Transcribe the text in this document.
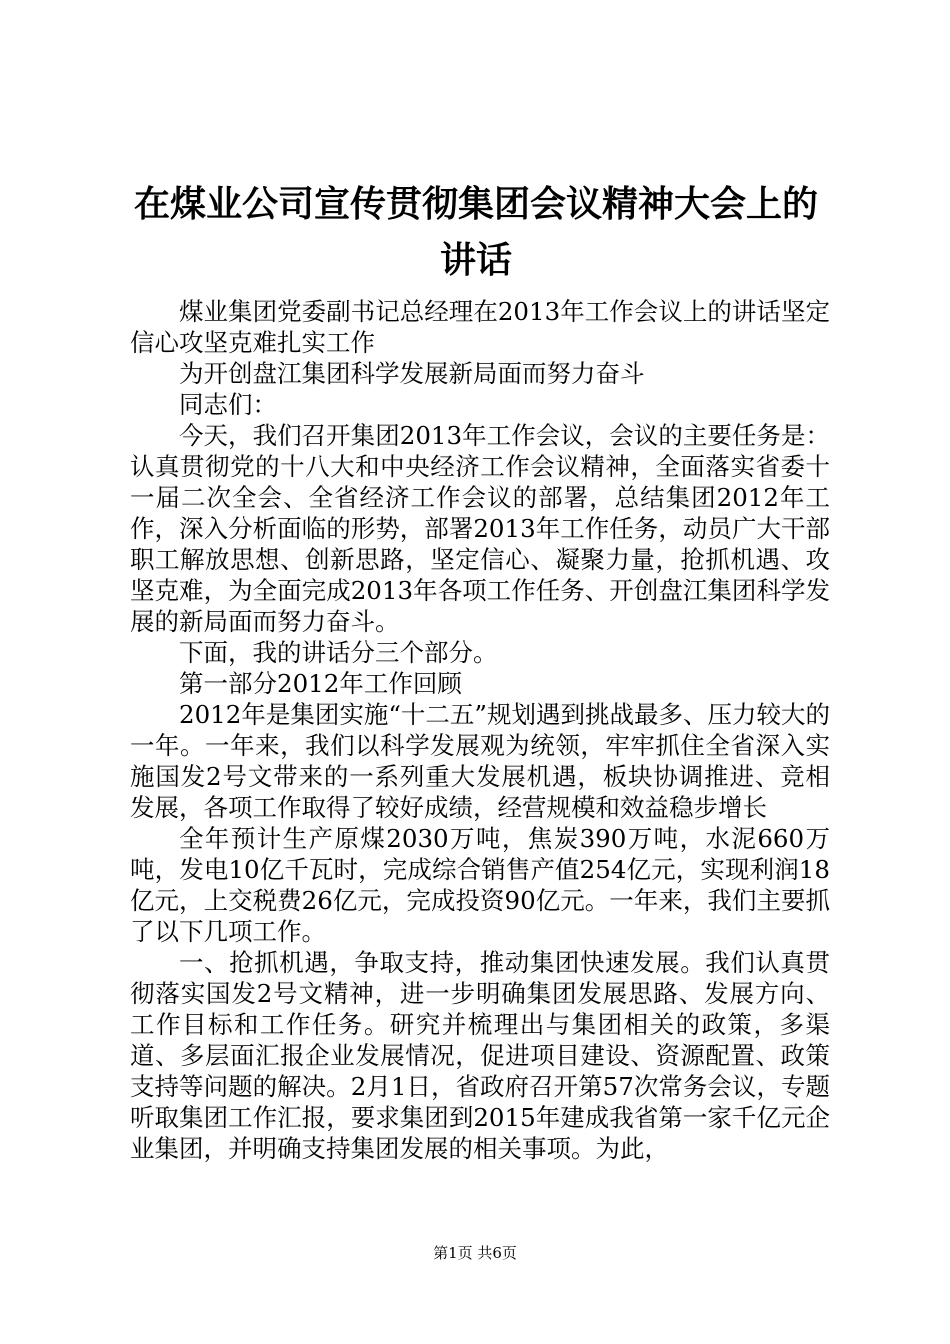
在煤业公司宣传贯彻集团会议精神大会上的讲话

煤业集团党委副书记总经理在2013年工作会议上的讲话坚定信心攻坚克难扎实工作

为开创盘江集团科学发展新局面而努力奋斗

同志们：

今天，我们召开集团2013年工作会议，会议的主要任务是：认真贯彻党的十八大和中央经济工作会议精神，全面落实省委十一届二次全会、全省经济工作会议的部署，总结集团2012年工作，深入分析面临的形势，部署2013年工作任务，动员广大干部职工解放思想、创新思路，坚定信心、凝聚力量，抢抓机遇、攻坚克难，为全面完成2013年各项工作任务、开创盘江集团科学发展的新局面而努力奋斗。

下面，我的讲话分三个部分。

第一部分2012年工作回顾

2012年是集团实施“十二五”规划遇到挑战最多、压力较大的一年。一年来，我们以科学发展观为统领，牢牢抓住全省深入实施国发2号文带来的一系列重大发展机遇，板块协调推进、竞相发展，各项工作取得了较好成绩，经营规模和效益稳步增长

全年预计生产原煤2030万吨，焦炭390万吨，水泥660万吨，发电10亿千瓦时，完成综合销售产值254亿元，实现利润18亿元，上交税费26亿元，完成投资90亿元。一年来，我们主要抓了以下几项工作。

一、抢抓机遇，争取支持，推动集团快速发展。我们认真贯彻落实国发2号文精神，进一步明确集团发展思路、发展方向、工作目标和工作任务。研究并梳理出与集团相关的政策，多渠道、多层面汇报企业发展情况，促进项目建设、资源配置、政策支持等问题的解决。2月1日，省政府召开第57次常务会议，专题听取集团工作汇报，要求集团到2015年建成我省第一家千亿元企业集团，并明确支持集团发展的相关事项。为此，

第1页 共6页
